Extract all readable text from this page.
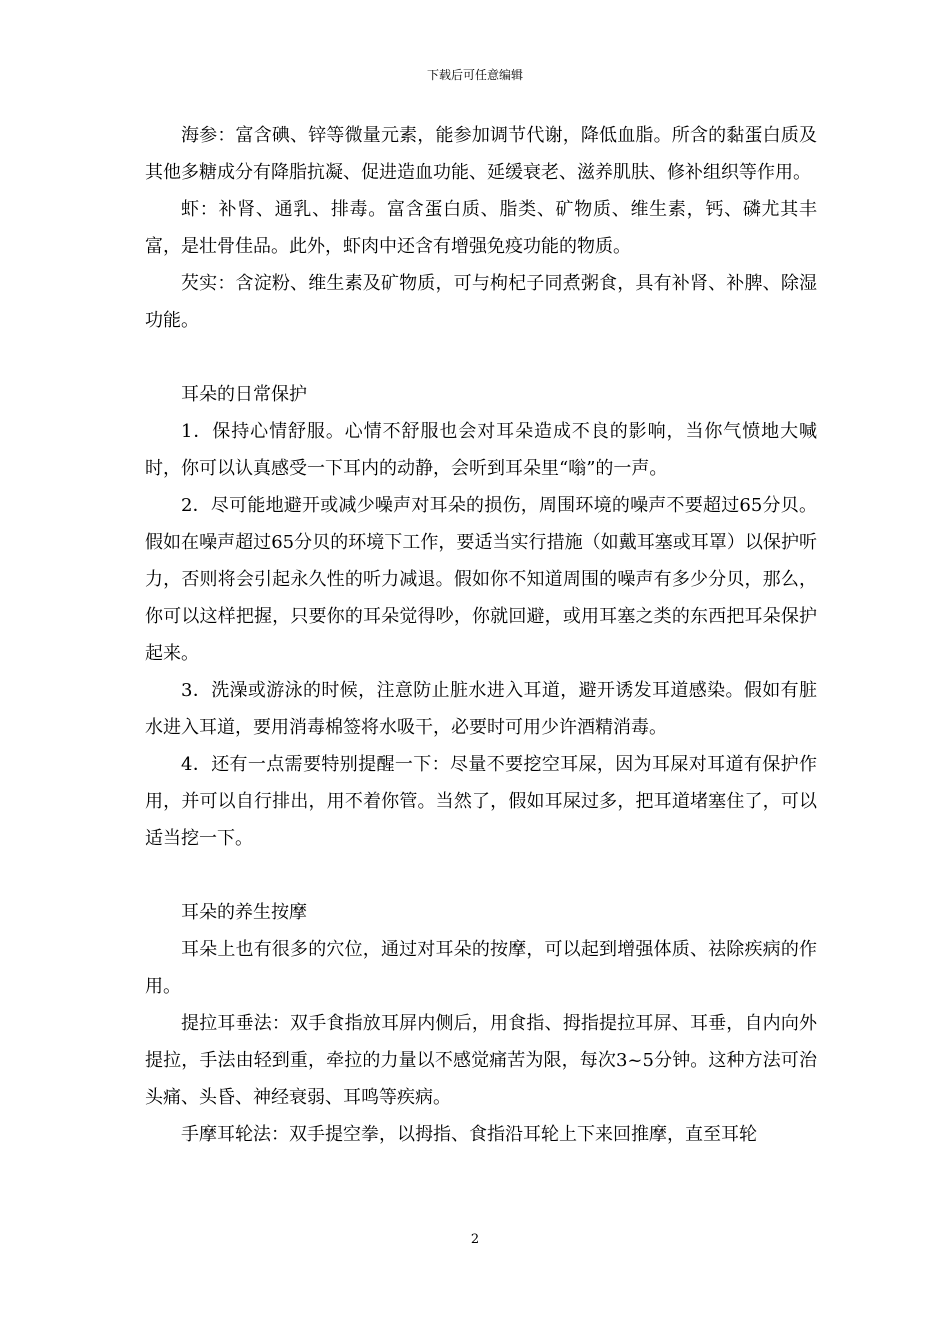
下载后可任意编辑

海参：富含碘、锌等微量元素，能参加调节代谢，降低血脂。所含的黏蛋白质及其他多糖成分有降脂抗凝、促进造血功能、延缓衰老、滋养肌肤、修补组织等作用。

虾：补肾、通乳、排毒。富含蛋白质、脂类、矿物质、维生素，钙、磷尤其丰富，是壮骨佳品。此外，虾肉中还含有增强免疫功能的物质。

芡实：含淀粉、维生素及矿物质，可与枸杞子同煮粥食，具有补肾、补脾、除湿功能。

耳朵的日常保护

1．保持心情舒服。心情不舒服也会对耳朵造成不良的影响，当你气愤地大喊时，你可以认真感受一下耳内的动静，会听到耳朵里“嗡”的一声。

2．尽可能地避开或减少噪声对耳朵的损伤，周围环境的噪声不要超过65分贝。假如在噪声超过65分贝的环境下工作，要适当实行措施（如戴耳塞或耳罩）以保护听力，否则将会引起永久性的听力减退。假如你不知道周围的噪声有多少分贝，那么，你可以这样把握，只要你的耳朵觉得吵，你就回避，或用耳塞之类的东西把耳朵保护起来。

3．洗澡或游泳的时候，注意防止脏水进入耳道，避开诱发耳道感染。假如有脏水进入耳道，要用消毒棉签将水吸干，必要时可用少许酒精消毒。

4．还有一点需要特别提醒一下：尽量不要挖空耳屎，因为耳屎对耳道有保护作用，并可以自行排出，用不着你管。当然了，假如耳屎过多，把耳道堵塞住了，可以适当挖一下。

耳朵的养生按摩

耳朵上也有很多的穴位，通过对耳朵的按摩，可以起到增强体质、祛除疾病的作用。

提拉耳垂法：双手食指放耳屏内侧后，用食指、拇指提拉耳屏、耳垂，自内向外提拉，手法由轻到重，牵拉的力量以不感觉痛苦为限，每次3~5分钟。这种方法可治头痛、头昏、神经衰弱、耳鸣等疾病。

手摩耳轮法：双手提空拳，以拇指、食指沿耳轮上下来回推摩，直至耳轮

2
